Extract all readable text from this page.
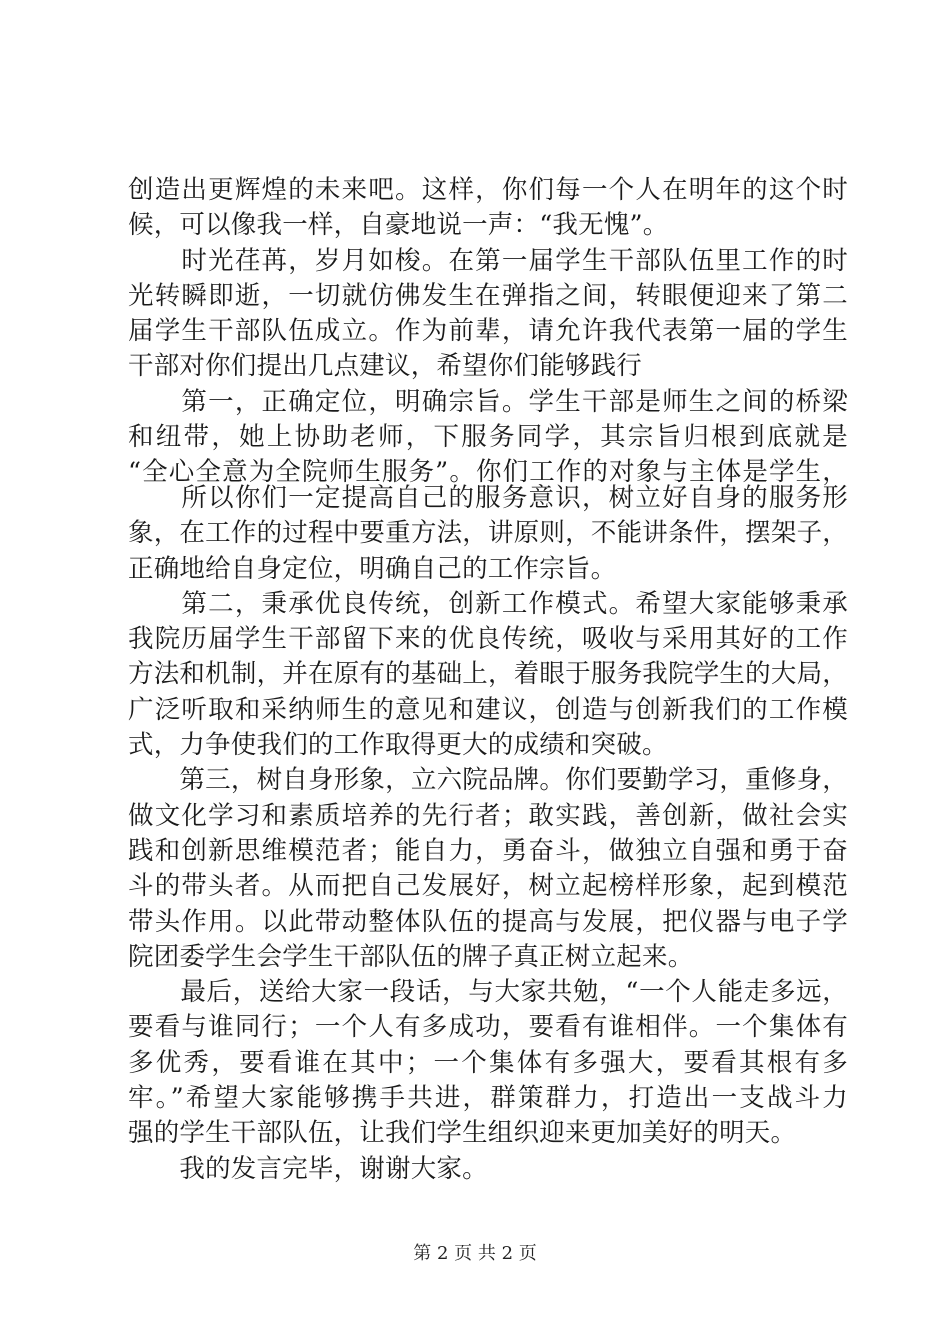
创造出更辉煌的未来吧。这样，你们每一个人在明年的这个时
候，可以像我一样，自豪地说一声：“我无愧”。
　　时光荏苒，岁月如梭。在第一届学生干部队伍里工作的时
光转瞬即逝，一切就仿佛发生在弹指之间，转眼便迎来了第二
届学生干部队伍成立。作为前辈，请允许我代表第一届的学生
干部对你们提出几点建议，希望你们能够践行
　　第一，正确定位，明确宗旨。学生干部是师生之间的桥梁
和纽带，她上协助老师，下服务同学，其宗旨归根到底就是
“全心全意为全院师生服务”。你们工作的对象与主体是学生，
　　所以你们一定提高自己的服务意识，树立好自身的服务形
象，在工作的过程中要重方法，讲原则，不能讲条件，摆架子，
正确地给自身定位，明确自己的工作宗旨。
　　第二，秉承优良传统，创新工作模式。希望大家能够秉承
我院历届学生干部留下来的优良传统，吸收与采用其好的工作
方法和机制，并在原有的基础上，着眼于服务我院学生的大局，
广泛听取和采纳师生的意见和建议，创造与创新我们的工作模
式，力争使我们的工作取得更大的成绩和突破。
　　第三，树自身形象，立六院品牌。你们要勤学习，重修身，
做文化学习和素质培养的先行者；敢实践，善创新，做社会实
践和创新思维模范者；能自力，勇奋斗，做独立自强和勇于奋
斗的带头者。从而把自己发展好，树立起榜样形象，起到模范
带头作用。以此带动整体队伍的提高与发展，把仪器与电子学
院团委学生会学生干部队伍的牌子真正树立起来。
　　最后，送给大家一段话，与大家共勉，“一个人能走多远，
要看与谁同行；一个人有多成功，要看有谁相伴。一个集体有
多优秀，要看谁在其中；一个集体有多强大，要看其根有多
牢。”希望大家能够携手共进，群策群力，打造出一支战斗力
强的学生干部队伍，让我们学生组织迎来更加美好的明天。
　　我的发言完毕，谢谢大家。
第 2 页 共 2 页
